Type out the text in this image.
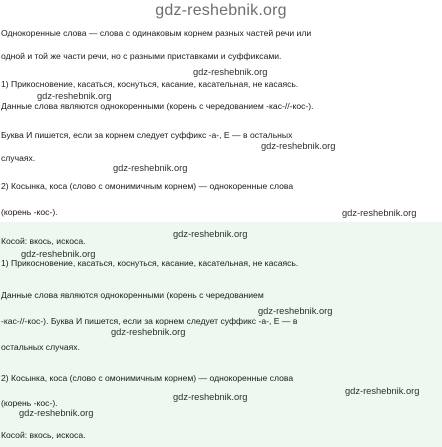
gdz-reshebnik.org
Однокоренные слова — слова с одинаковым корнем разных частей речи или
одной и той же части речи, но с разными приставками и суффиксами.
1) Прикосновение, касаться, коснуться, касание, касательная, не касаясь.
Данные слова являются однокоренными (корень с чередованием -кас-//-кос-).
Буква И пишется, если за корнем следует суффикс -а-, Е — в остальных
случаях.
2) Косынка, коса (слово с омонимичным корнем) — однокоренные слова
(корень -кос-).
Косой: вкось, искоса.
1) Прикосновение, касаться, коснуться, касание, касательная, не касаясь.
Данные слова являются однокоренными (корень с чередованием
-кас-//-кос-). Буква И пишется, если за корнем следует суффикс -а-, Е — в
остальных случаях.
2) Косынка, коса (слово с омонимичным корнем) — однокоренные слова
(корень -кос-).
Косой: вкось, искоса.
gdz-reshebnik.org
gdz-reshebnik.org
gdz-reshebnik.org
gdz-reshebnik.org
gdz-reshebnik.org
gdz-reshebnik.org
gdz-reshebnik.org
gdz-reshebnik.org
gdz-reshebnik.org
gdz-reshebnik.org
gdz-reshebnik.org
gdz-reshebnik.org
